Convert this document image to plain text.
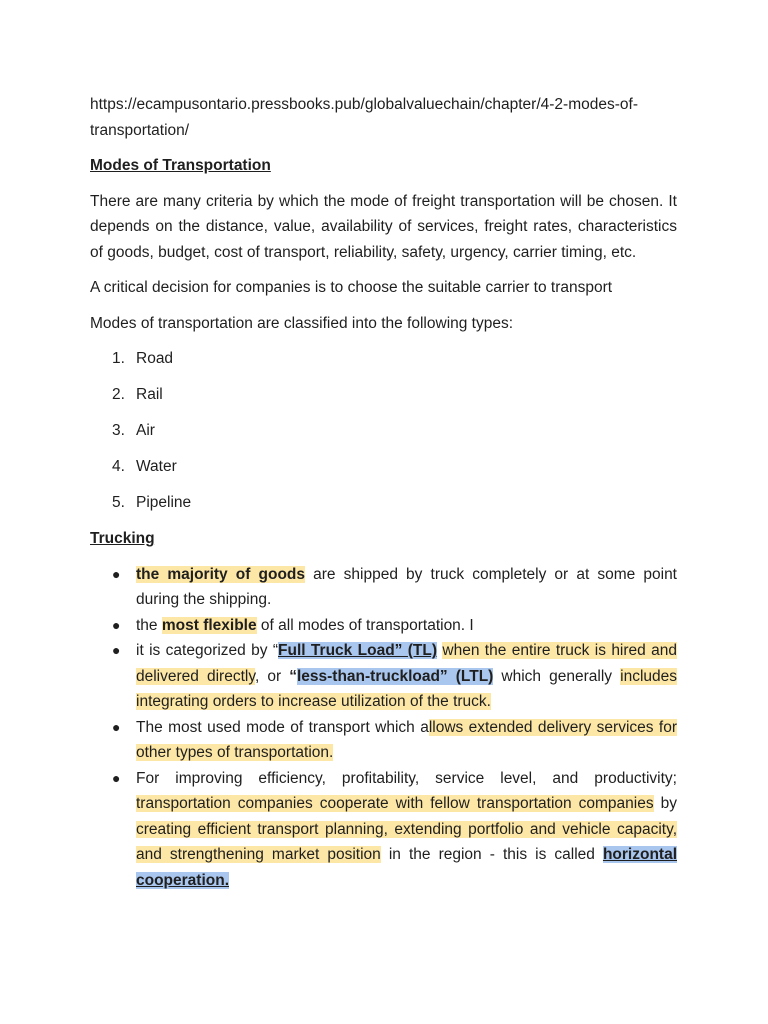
https://ecampusontario.pressbooks.pub/globalvaluechain/chapter/4-2-modes-of-transportation/

Modes of Transportation

There are many criteria by which the mode of freight transportation will be chosen. It depends on the distance, value, availability of services, freight rates, characteristics of goods, budget, cost of transport, reliability, safety, urgency, carrier timing, etc.

A critical decision for companies is to choose the suitable carrier to transport

Modes of transportation are classified into the following types:

1. Road
2. Rail
3. Air
4. Water
5. Pipeline

Trucking

● the majority of goods are shipped by truck completely or at some point during the shipping.
● the most flexible of all modes of transportation. I
● it is categorized by “Full Truck Load” (TL) when the entire truck is hired and delivered directly, or “less-than-truckload” (LTL) which generally includes integrating orders to increase utilization of the truck.
● The most used mode of transport which allows extended delivery services for other types of transportation.
● For improving efficiency, profitability, service level, and productivity; transportation companies cooperate with fellow transportation companies by creating efficient transport planning, extending portfolio and vehicle capacity, and strengthening market position in the region - this is called horizontal cooperation.
